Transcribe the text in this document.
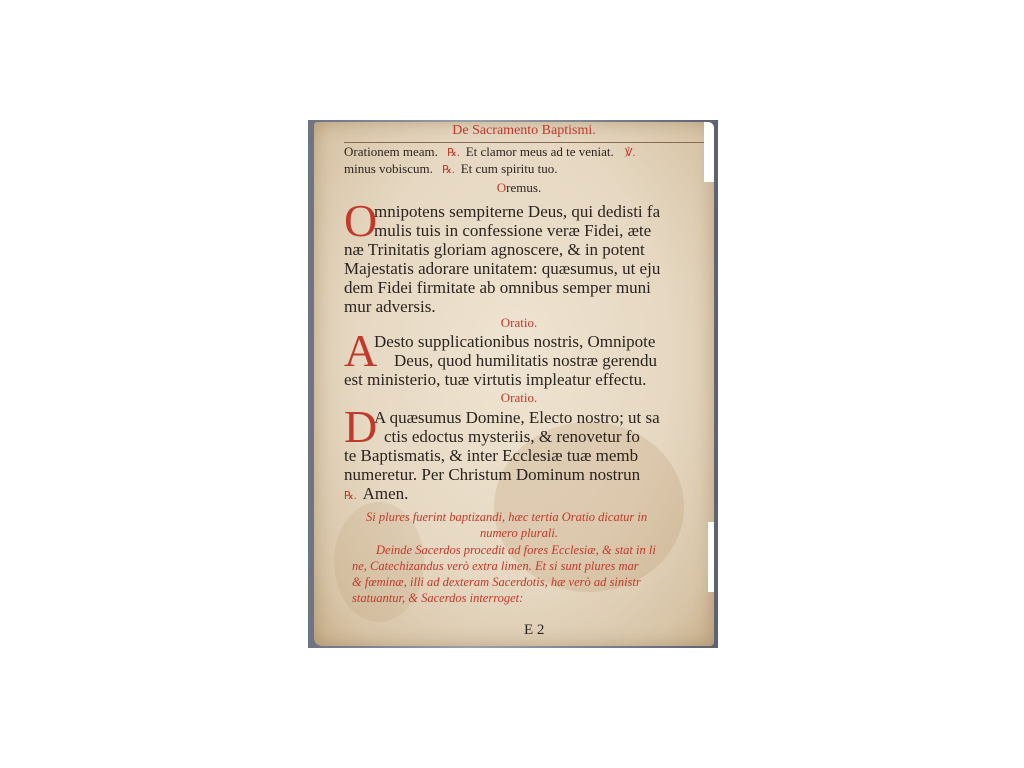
De Sacramento Baptismi.
Orationem meam. ℞. Et clamor meus ad te veniat. ℣.
minus vobiscum. ℞. Et cum spiritu tuo.
Oremus.
O
mnipotens sempiterne Deus, qui dedisti fa
mulis tuis in confessione veræ Fidei, æte
næ Trinitatis gloriam agnoscere, & in potent
Majestatis adorare unitatem: quæsumus, ut eju
dem Fidei firmitate ab omnibus semper muni
mur adversis.
Oratio.
A
Desto supplicationibus nostris, Omnipote
Deus, quod humilitatis nostræ gerendu
est ministerio, tuæ virtutis impleatur effectu.
Oratio.
D
A quæsumus Domine, Electo nostro; ut sa
ctis edoctus mysteriis, & renovetur fo
te Baptismatis, & inter Ecclesiæ tuæ memb
numeretur. Per Christum Dominum nostrun
℞. Amen.
Si plures fuerint baptizandi, hæc tertia Oratio dicatur in
numero plurali.
Deinde Sacerdos procedit ad fores Ecclesiæ, & stat in li
ne, Catechizandus verò extra limen. Et si sunt plures mar
& fœminæ, illi ad dexteram Sacerdotis, hæ verò ad sinistr
statuantur, & Sacerdos interroget:
E 2
